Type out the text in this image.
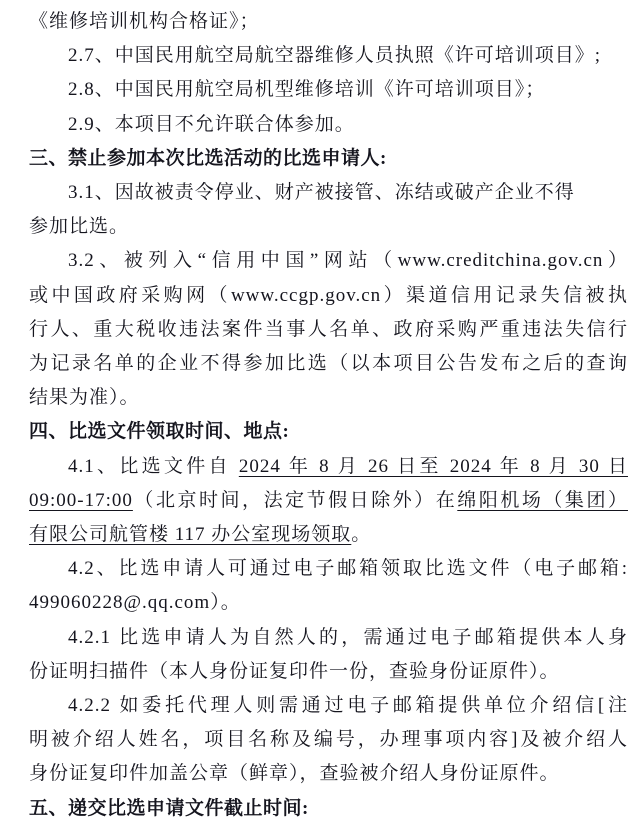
《维修培训机构合格证》；

2.7、中国民用航空局航空器维修人员执照《许可培训项目》;

2.8、中国民用航空局机型维修培训《许可培训项目》；

2.9、本项目不允许联合体参加。

三、禁止参加本次比选活动的比选申请人:

3.1、因故被责令停业、财产被接管、冻结或破产企业不得

参加比选。

3.2、被列入“信用中国”网站（www.creditchina.gov.cn）

或中国政府采购网（www.ccgp.gov.cn）渠道信用记录失信被执

行人、重大税收违法案件当事人名单、政府采购严重违法失信行

为记录名单的企业不得参加比选（以本项目公告发布之后的查询

结果为准）。

四、比选文件领取时间、地点:

4.1、比选文件自 2024 年 8 月 26 日至 2024 年 8 月 30 日

09:00-17:00（北京时间，法定节假日除外）在绵阳机场（集团）

有限公司航管楼 117 办公室现场领取。

4.2、比选申请人可通过电子邮箱领取比选文件（电子邮箱:

499060228@.qq.com）。

4.2.1 比选申请人为自然人的，需通过电子邮箱提供本人身

份证明扫描件（本人身份证复印件一份，查验身份证原件）。

4.2.2 如委托代理人则需通过电子邮箱提供单位介绍信[注

明被介绍人姓名，项目名称及编号，办理事项内容]及被介绍人

身份证复印件加盖公章（鲜章），查验被介绍人身份证原件。

五、递交比选申请文件截止时间:
